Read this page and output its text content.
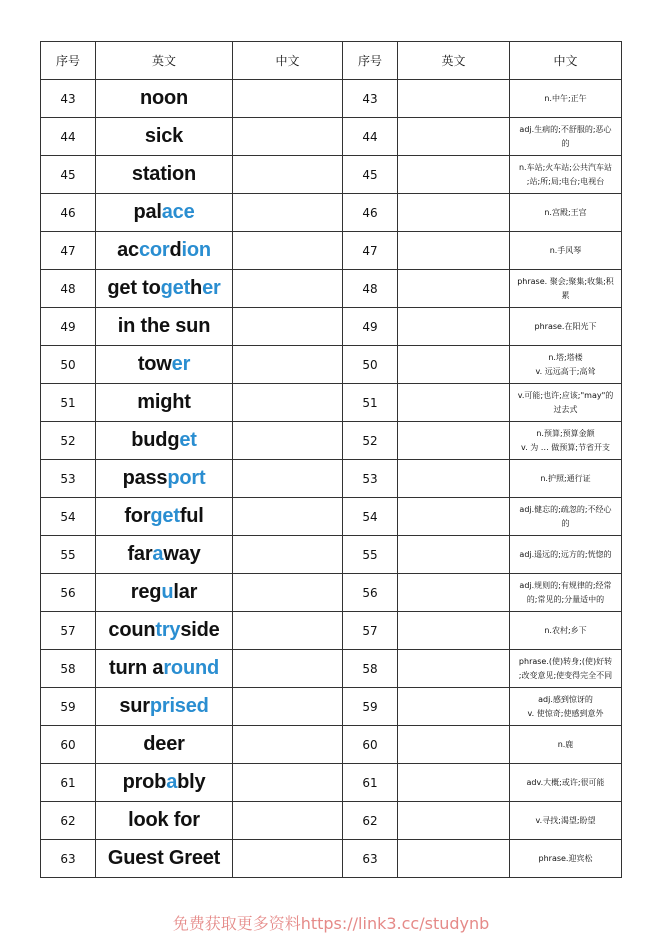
序号	英文	中文	序号	英文	中文
43	noon		43		n.中午;正午

44	sick		44		adj.生病的;不舒服的;恶心
的

45	station		45		n.车站;火车站;公共汽车站
;站;所;局;电台;电视台

46	palace		46		n.宫殿;王宫

47	accordion		47		n.手风琴

48	get together		48		phrase. 聚会;聚集;收集;积
累

49	in the sun		49		phrase.在阳光下

50	tower		50		n.塔;塔楼
v. 远远高于;高耸

51	might		51		v.可能;也许;应该;"may"的
过去式

52	budget		52		n.预算;预算金额
v. 为 … 做预算;节省开支

53	passport		53		n.护照;通行证

54	forgetful		54		adj.健忘的;疏忽的;不经心
的

55	faraway		55		adj.遥远的;远方的;恍惚的

56	regular		56		adj.规则的;有规律的;经常
的;常见的;分量适中的

57	countryside		57		n.农村;乡下

58	turn around		58		phrase.(使)转身;(使)好转
;改变意见;使变得完全不同

59	surprised		59		adj.感到惊讶的
v. 使惊奇;使感到意外

60	deer		60		n.鹿

61	probably		61		adv.大概;或许;很可能

62	look for		62		v.寻找;渴望;盼望

63	Guest Greet		63		phrase.迎宾松
免费获取更多资料https://link3.cc/studynb
